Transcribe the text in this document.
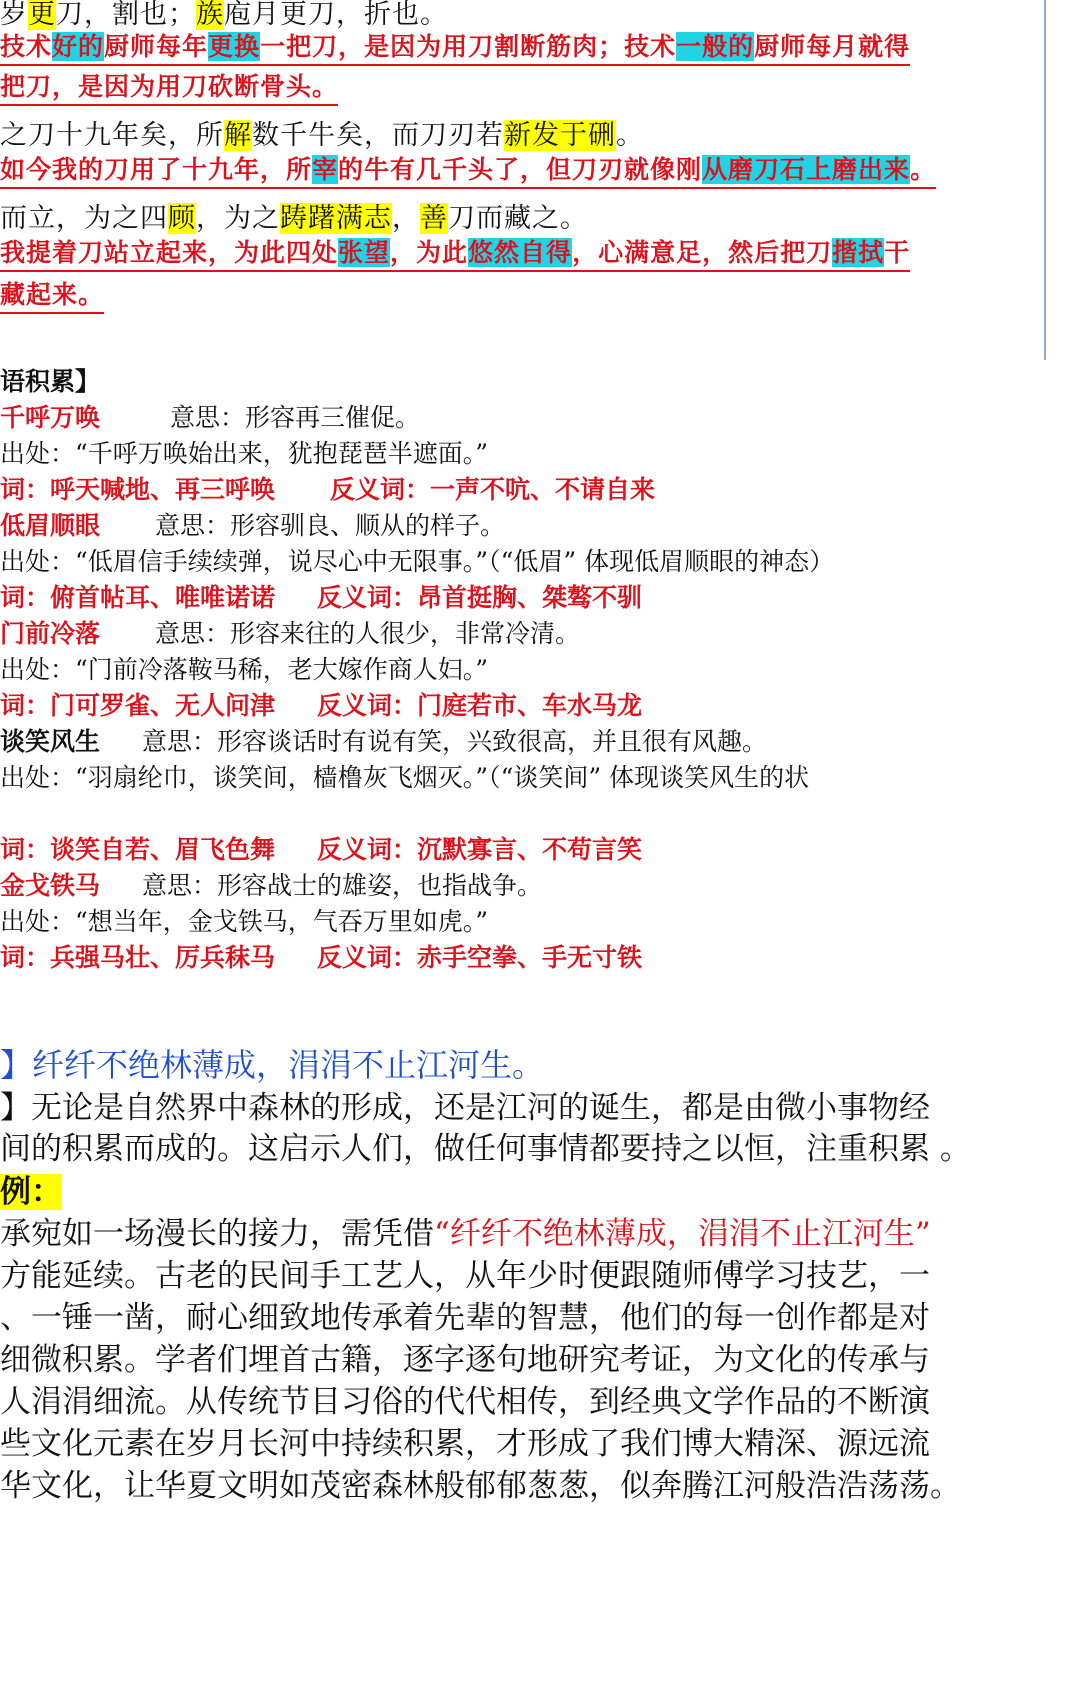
岁更刀，割也；族庖月更刀，折也。
技术好的厨师每年更换一把刀，是因为用刀割断筋肉；技术一般的厨师每月就得
把刀，是因为用刀砍断骨头。
之刀十九年矣，所解数千牛矣，而刀刃若新发于硎。
如今我的刀用了十九年，所宰的牛有几千头了，但刀刃就像刚从磨刀石上磨出来。
而立，为之四顾，为之踌躇满志，善刀而藏之。
我提着刀站立起来，为此四处张望，为此悠然自得，心满意足，然后把刀揩拭干
藏起来。
语积累】
千呼万唤	意思：形容再三催促。
出处：“千呼万唤始出来，犹抱琵琶半遮面。”
词：呼天喊地、再三呼唤 反义词：一声不吭、不请自来
低眉顺眼 意思：形容驯良、顺从的样子。
出处：“低眉信手续续弹，说尽心中无限事。”（“低眉” 体现低眉顺眼的神态）
词：俯首帖耳、唯唯诺诺 反义词：昂首挺胸、桀骜不驯
门前冷落 意思：形容来往的人很少，非常冷清。
出处：“门前冷落鞍马稀，老大嫁作商人妇。”
词：门可罗雀、无人问津 反义词：门庭若市、车水马龙
谈笑风生 意思：形容谈话时有说有笑，兴致很高，并且很有风趣。
出处：“羽扇纶巾，谈笑间，樯橹灰飞烟灭。”（“谈笑间” 体现谈笑风生的状
词：谈笑自若、眉飞色舞 反义词：沉默寡言、不苟言笑
金戈铁马 意思：形容战士的雄姿，也指战争。
出处：“想当年，金戈铁马，气吞万里如虎。”
词：兵强马壮、厉兵秣马 反义词：赤手空拳、手无寸铁
】纤纤不绝林薄成，涓涓不止江河生。
】无论是自然界中森林的形成，还是江河的诞生，都是由微小事物经
间的积累而成的。这启示人们，做任何事情都要持之以恒，注重积累 。
例：
承宛如一场漫长的接力，需凭借“纤纤不绝林薄成，涓涓不止江河生”
方能延续。古老的民间手工艺人，从年少时便跟随师傅学习技艺，一
、一锤一凿，耐心细致地传承着先辈的智慧，他们的每一创作都是对
细微积累。学者们埋首古籍，逐字逐句地研究考证，为文化的传承与
人涓涓细流。从传统节目习俗的代代相传，到经典文学作品的不断演
些文化元素在岁月长河中持续积累，才形成了我们博大精深、源远流
华文化，让华夏文明如茂密森林般郁郁葱葱，似奔腾江河般浩浩荡荡。
